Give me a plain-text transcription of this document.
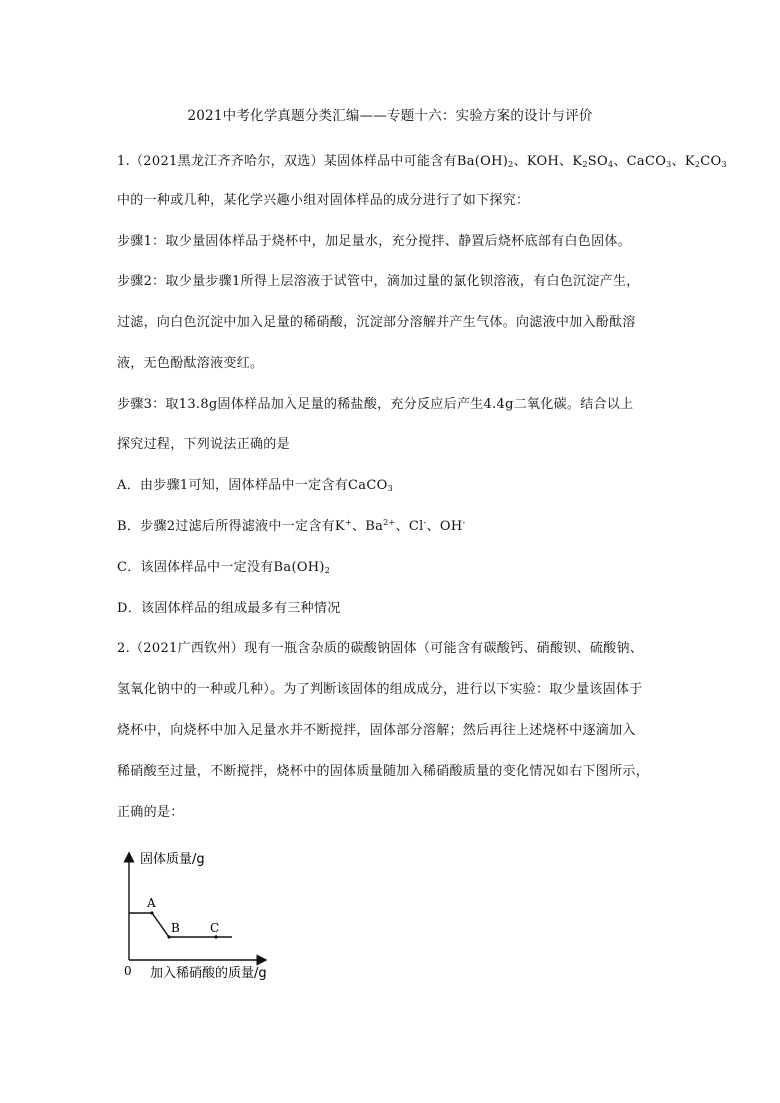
2021中考化学真题分类汇编——专题十六：实验方案的设计与评价
1.（2021黑龙江齐齐哈尔，双选）某固体样品中可能含有$Ba(OH)_2$、KOH、$K_2SO_4$、CaCO$_3$、$K_2CO_3$
中的一种或几种，某化学兴趣小组对固体样品的成分进行了如下探究：
步骤1：取少量固体样品于烧杯中，加足量水，充分搅拌、静置后烧杯底部有白色固体。
步骤2：取少量步骤1所得上层溶液于试管中，滴加过量的氯化钡溶液，有白色沉淀产生，
过滤，向白色沉淀中加入足量的稀硝酸，沉淀部分溶解并产生气体。向滤液中加入酚酞溶
液，无色酚酞溶液变红。
步骤3：取13.8g固体样品加入足量的稀盐酸，充分反应后产生4.4g二氧化碳。结合以上
探究过程，下列说法正确的是
A．由步骤1可知，固体样品中一定含有CaCO$_3$
B．步骤2过滤后所得滤液中一定含有K+、$Ba^{2+}$、Cl-、OH-
C．该固体样品中一定没有$Ba(OH)_2$
D．该固体样品的组成最多有三种情况
2.（2021广西钦州）现有一瓶含杂质的碳酸钠固体（可能含有碳酸钙、硝酸钡、硫酸钠、
氢氧化钠中的一种或几种）。为了判断该固体的组成成分，进行以下实验：取少量该固体于
烧杯中，向烧杯中加入足量水并不断搅拌，固体部分溶解；然后再往上述烧杯中逐滴加入
稀硝酸至过量，不断搅拌，烧杯中的固体质量随加入稀硝酸质量的变化情况如右下图所示，
正确的是：
固体质量/g
A
B	C
0 加入稀硝酸的质量/g
